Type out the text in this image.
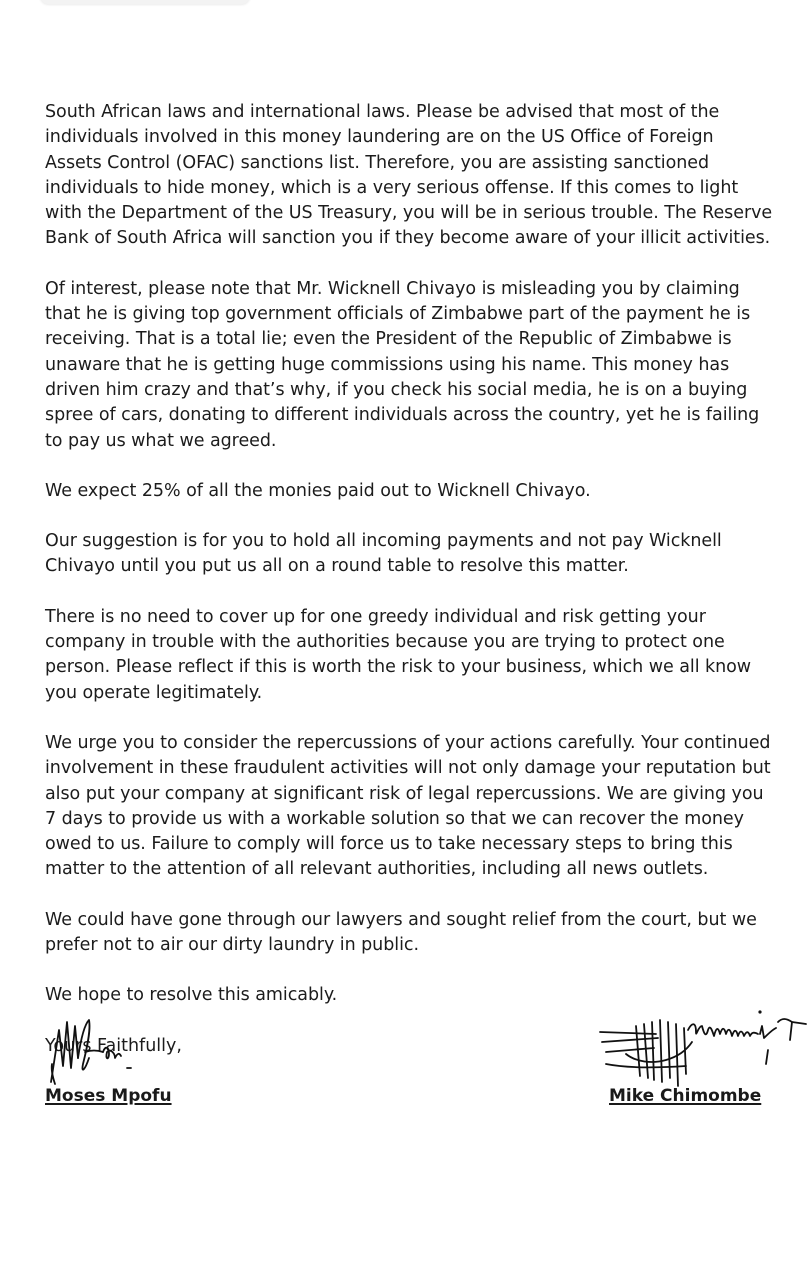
South African laws and international laws. Please be advised that most of the individuals involved in this money laundering are on the US Office of Foreign Assets Control (OFAC) sanctions list. Therefore, you are assisting sanctioned individuals to hide money, which is a very serious offense. If this comes to light with the Department of the US Treasury, you will be in serious trouble. The Reserve Bank of South Africa will sanction you if they become aware of your illicit activities.

Of interest, please note that Mr. Wicknell Chivayo is misleading you by claiming that he is giving top government officials of Zimbabwe part of the payment he is receiving. That is a total lie; even the President of the Republic of Zimbabwe is unaware that he is getting huge commissions using his name. This money has driven him crazy and that’s why, if you check his social media, he is on a buying spree of cars, donating to different individuals across the country, yet he is failing to pay us what we agreed.

We expect 25% of all the monies paid out to Wicknell Chivayo.

Our suggestion is for you to hold all incoming payments and not pay Wicknell Chivayo until you put us all on a round table to resolve this matter.

There is no need to cover up for one greedy individual and risk getting your company in trouble with the authorities because you are trying to protect one person. Please reflect if this is worth the risk to your business, which we all know you operate legitimately.

We urge you to consider the repercussions of your actions carefully. Your continued involvement in these fraudulent activities will not only damage your reputation but also put your company at significant risk of legal repercussions. We are giving you 7 days to provide us with a workable solution so that we can recover the money owed to us. Failure to comply will force us to take necessary steps to bring this matter to the attention of all relevant authorities, including all news outlets.

We could have gone through our lawyers and sought relief from the court, but we prefer not to air our dirty laundry in public.

We hope to resolve this amicably.

Yours Faithfully,

Moses Mpofu	Mike Chimombe
